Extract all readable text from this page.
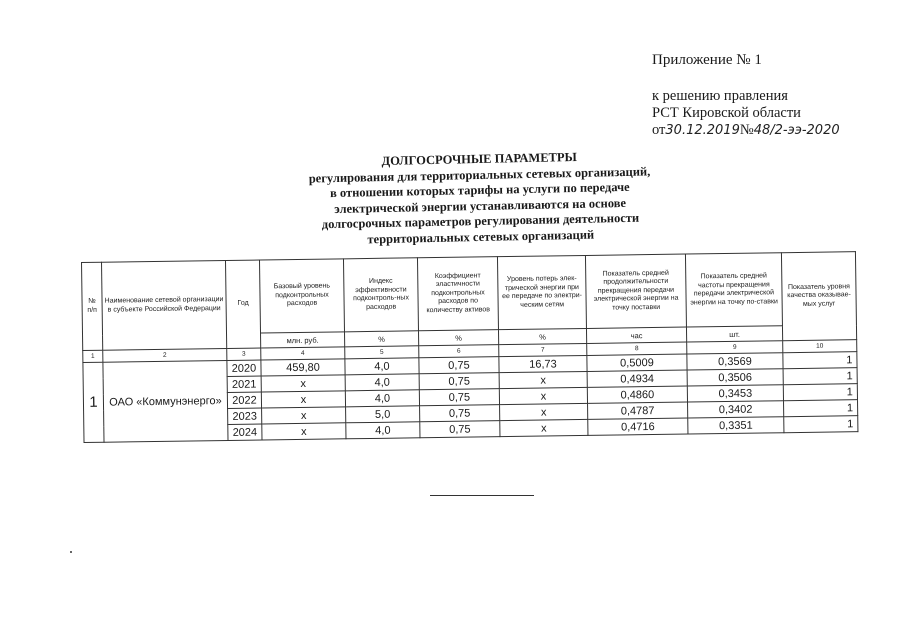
Приложение № 1
к решению правления
РСТ Кировской области
от30.12.2019№48/2-ээ-2020
ДОЛГОСРОЧНЫЕ ПАРАМЕТРЫ
регулирования для территориальных сетевых организаций,
в отношении которых тарифы на услуги по передаче
электрической энергии устанавливаются на основе
долгосрочных параметров регулирования деятельности
территориальных сетевых организаций
№ п/п	Наименование сетевой организации в субъекте Российской Федерации	Год	Базовый уровень подконтрольных расходов	Индекс эффективности подконтроль-ных расходов	Коэффициент эластичности подконтрольных расходов по количеству активов	Уровень потерь элек-трической энергии при ее передаче по электри-ческим сетям	Показатель средней продолжительности прекращения передачи электрической энергии на точку поставки	Показатель средней частоты прекращения передачи электрической энергии на точку по-ставки	Показатель уровня качества оказывае-мых услуг
			млн. руб.	%	%	%	час	шт.	
1	2	3	4	5	6	7	8	9	10
1	ОАО «Коммунэнерго»	2020	459,80	4,0	0,75	16,73	0,5009	0,3569	1
		2021	x	4,0	0,75	x	0,4934	0,3506	1
		2022	x	4,0	0,75	x	0,4860	0,3453	1
		2023	x	5,0	0,75	x	0,4787	0,3402	1
		2024	x	4,0	0,75	x	0,4716	0,3351	1
